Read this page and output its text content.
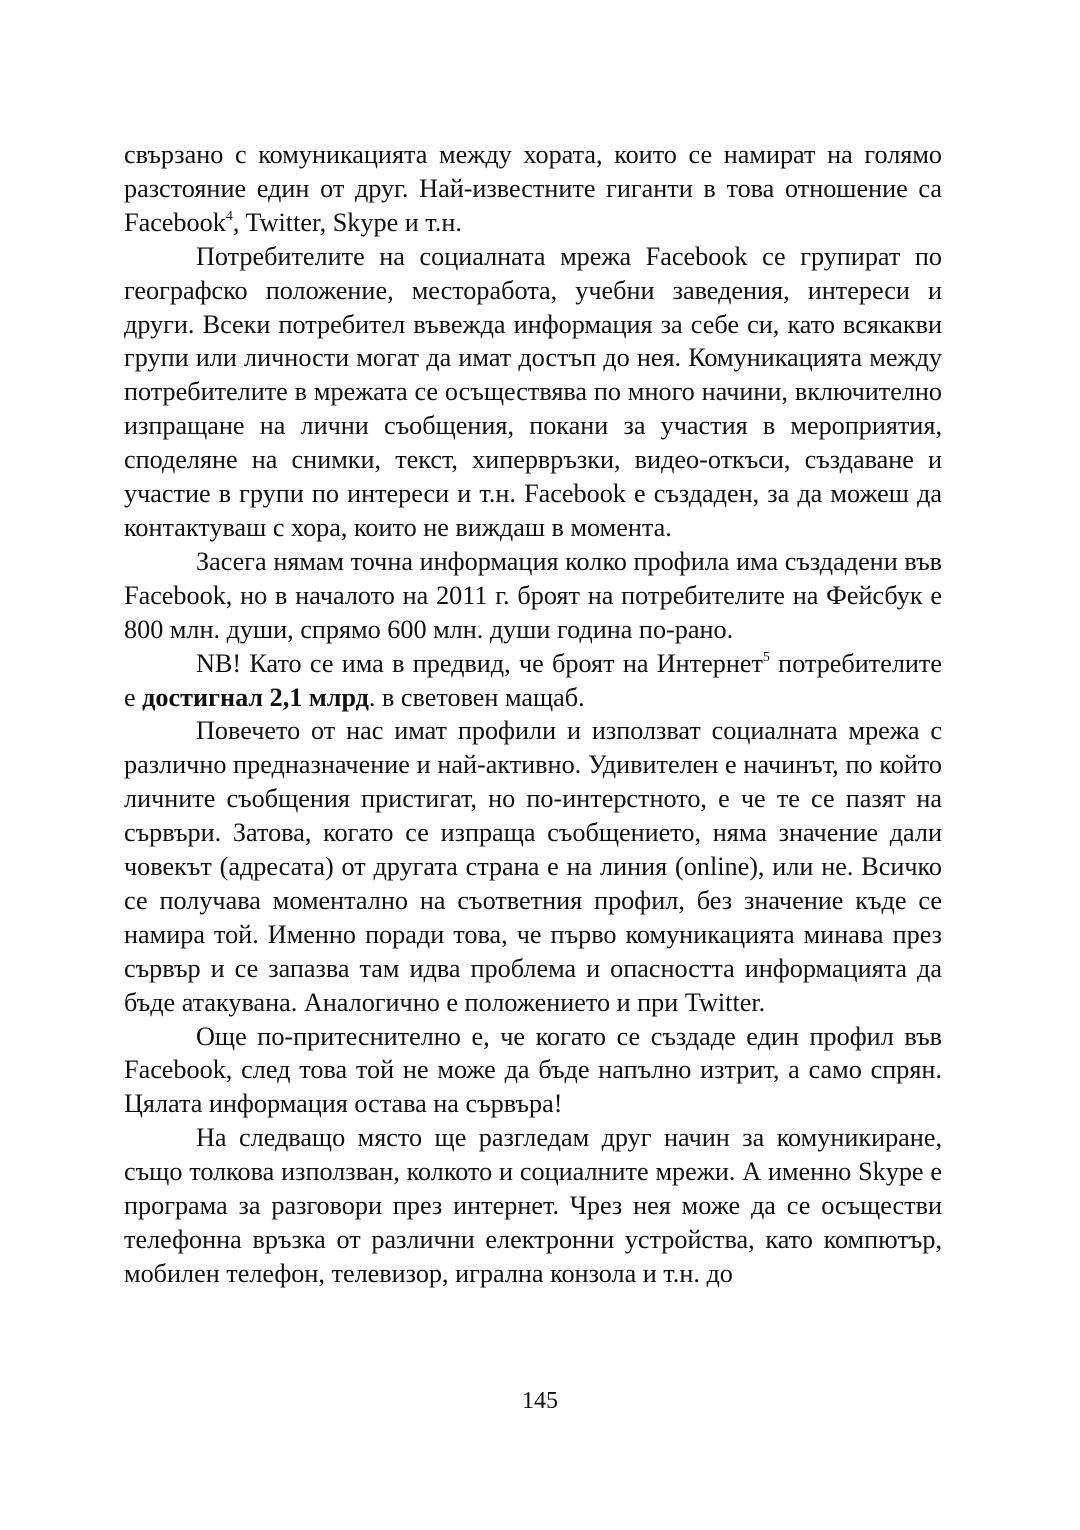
свързано с комуникацията между хората, които се намират на голямо разстояние един от друг. Най-известните гиганти в това отношение са Facebook$^4$, Twitter, Skype и т.н.

Потребителите на социалната мрежа Facebook се групират по географско положение, месторабота, учебни заведения, интереси и други. Всеки потребител въвежда информация за себе си, като всякакви групи или личности могат да имат достъп до нея. Комуникацията между потребителите в мрежата се осъществява по много начини, включително изпращане на лични съобщения, покани за участия в мероприятия, споделяне на снимки, текст, хипервръзки, видео-откъси, създаване и участие в групи по интереси и т.н. Facebook е създаден, за да можеш да контактуваш с хора, които не виждаш в момента.

Засега нямам точна информация колко профила има създадени във Facebook, но в началото на 2011 г. броят на потребителите на Фейсбук е 800 млн. души, спрямо 600 млн. души година по-рано.

NB! Като се има в предвид, че броят на Интернет$^5$ потребителите е достигнал 2,1 млрд. в световен мащаб.

Повечето от нас имат профили и използват социалната мрежа с различно предназначение и най-активно. Удивителен е начинът, по който личните съобщения пристигат, но по-интерстното, е че те се пазят на сървъри. Затова, когато се изпраща съобщението, няма значение дали човекът (адресата) от другата страна е на линия (online), или не. Всичко се получава моментално на съответния профил, без значение къде се намира той. Именно поради това, че първо комуникацията минава през сървър и се запазва там идва проблема и опасността информацията да бъде атакувана. Аналогично е положението и при Twitter.

Още по-притеснително е, че когато се създаде един профил във Facebook, след това той не може да бъде напълно изтрит, а само спрян. Цялата информация остава на сървъра!

На следващо място ще разгледам друг начин за комуникиране, също толкова използван, колкото и социалните мрежи. А именно Skype е програма за разговори през интернет. Чрез нея може да се осъществи телефонна връзка от различни електронни устройства, като компютър, мобилен телефон, телевизор, игрална конзола и т.н. до

145
